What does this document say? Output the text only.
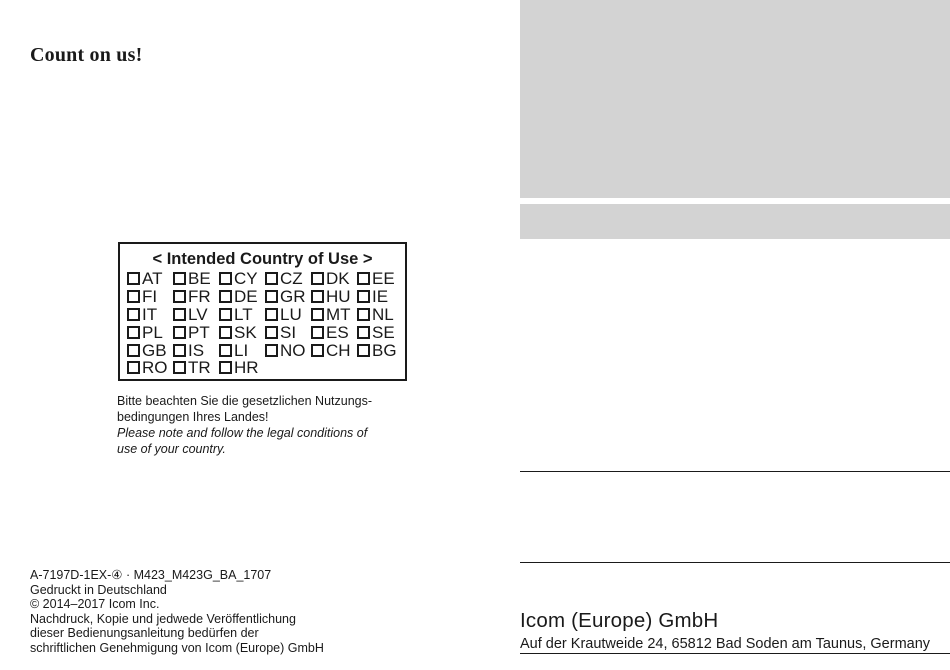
Count on us!
< Intended Country of Use >
AT BE CY CZ DK EE
FI FR DE GR HU IE
IT LV LT LU MT NL
PL PT SK SI ES SE
GB IS LI NO CH BG
RO TR HR
Bitte beachten Sie die gesetzlichen Nutzungs-
bedingungen Ihres Landes!
Please note and follow the legal conditions of
use of your country.
A-7197D-1EX-④ · M423_M423G_BA_1707
Gedruckt in Deutschland
© 2014–2017 Icom Inc.
Nachdruck, Kopie und jedwede Veröffentlichung
dieser Bedienungsanleitung bedürfen der
schriftlichen Genehmigung von Icom (Europe) GmbH
Icom (Europe) GmbH
Auf der Krautweide 24, 65812 Bad Soden am Taunus, Germany
